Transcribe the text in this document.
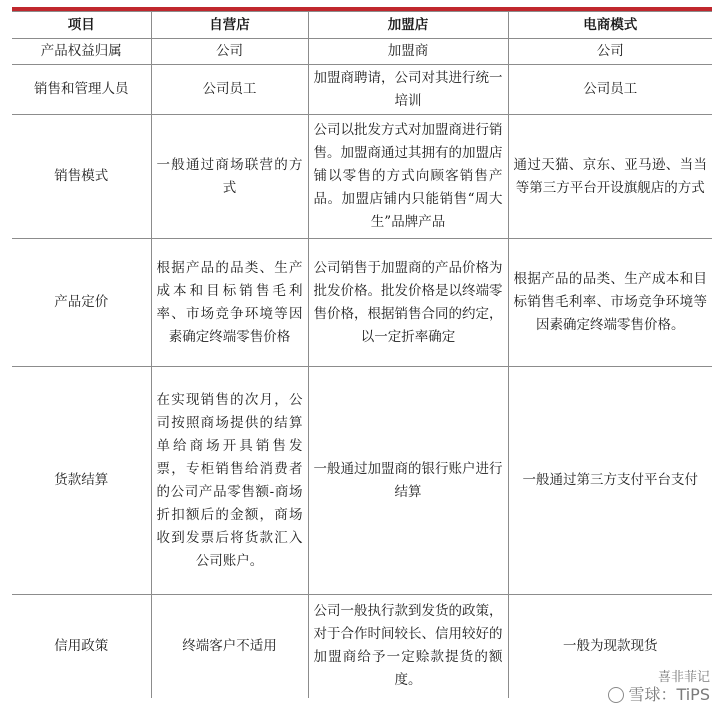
项目	自营店	加盟店	电商模式
产品权益归属	公司	加盟商	公司
销售和管理人员	公司员工	加盟商聘请，公司对其进行统一培训	公司员工
销售模式	一般通过商场联营的方式	公司以批发方式对加盟商进行销售。加盟商通过其拥有的加盟店铺以零售的方式向顾客销售产品。加盟店铺内只能销售“周大生”品牌产品	通过天猫、京东、亚马逊、当当等第三方平台开设旗舰店的方式
产品定价	根据产品的品类、生产成本和目标销售毛利率、市场竞争环境等因素确定终端零售价格	公司销售于加盟商的产品价格为批发价格。批发价格是以终端零售价格，根据销售合同的约定，以一定折率确定	根据产品的品类、生产成本和目标销售毛利率、市场竞争环境等因素确定终端零售价格。
货款结算	在实现销售的次月，公司按照商场提供的结算单给商场开具销售发票，专柜销售给消费者的公司产品零售额-商场折扣额后的金额，商场收到发票后将货款汇入公司账户。	一般通过加盟商的银行账户进行结算	一般通过第三方支付平台支付
信用政策	终端客户不适用	公司一般执行款到发货的政策，对于合作时间较长、信用较好的加盟商给予一定赊款提货的额度。	一般为现款现货
喜非菲记
雪球：TiPS
